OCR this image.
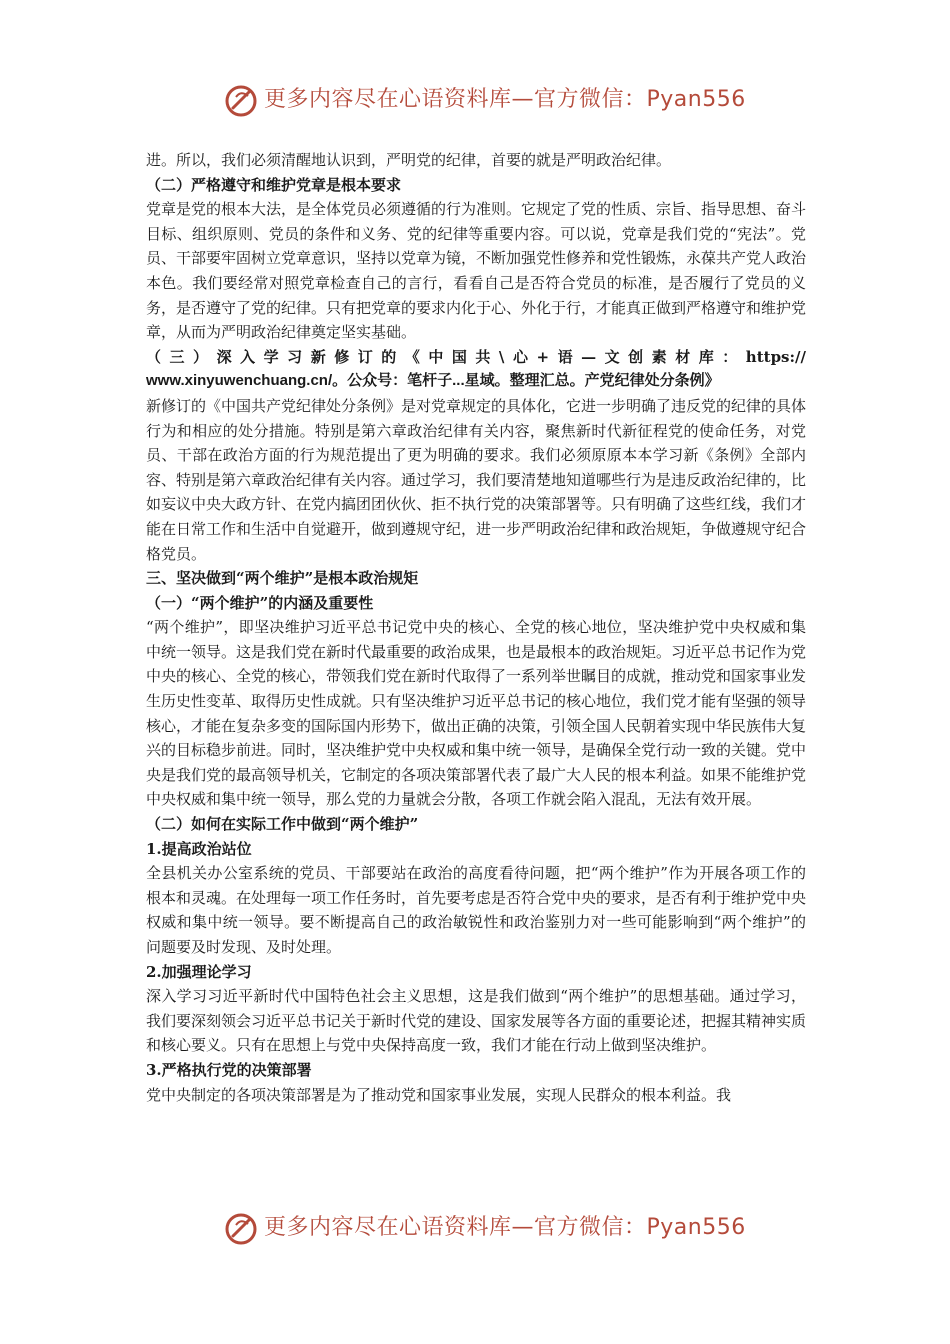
更多内容尽在心语资料库—官方微信：Pyan556

进。所以，我们必须清醒地认识到，严明党的纪律，首要的就是严明政治纪律。

（二）严格遵守和维护党章是根本要求

党章是党的根本大法，是全体党员必须遵循的行为准则。它规定了党的性质、宗旨、指导思想、奋斗目标、组织原则、党员的条件和义务、党的纪律等重要内容。可以说，党章是我们党的“宪法”。党员、干部要牢固树立党章意识，坚持以党章为镜，不断加强党性修养和党性锻炼，永葆共产党人政治本色。我们要经常对照党章检查自己的言行，看看自己是否符合党员的标准，是否履行了党员的义务，是否遵守了党的纪律。只有把党章的要求内化于心、外化于行，才能真正做到严格遵守和维护党章，从而为严明政治纪律奠定坚实基础。

（三）深入学习新修订的《中国共\心+语—文创素材库：https://

www.xinyuwenchuang.cn/。公众号：笔杆子...星域。整理汇总。产党纪律处分条例》

新修订的《中国共产党纪律处分条例》是对党章规定的具体化，它进一步明确了违反党的纪律的具体行为和相应的处分措施。特别是第六章政治纪律有关内容，聚焦新时代新征程党的使命任务，对党员、干部在政治方面的行为规范提出了更为明确的要求。我们必须原原本本学习新《条例》全部内容、特别是第六章政治纪律有关内容。通过学习，我们要清楚地知道哪些行为是违反政治纪律的，比如妄议中央大政方针、在党内搞团团伙伙、拒不执行党的决策部署等。只有明确了这些红线，我们才能在日常工作和生活中自觉避开，做到遵规守纪，进一步严明政治纪律和政治规矩，争做遵规守纪合格党员。

三、坚决做到“两个维护”是根本政治规矩

（一）“两个维护”的内涵及重要性

“两个维护”，即坚决维护习近平总书记党中央的核心、全党的核心地位，坚决维护党中央权威和集中统一领导。这是我们党在新时代最重要的政治成果，也是最根本的政治规矩。习近平总书记作为党中央的核心、全党的核心，带领我们党在新时代取得了一系列举世瞩目的成就，推动党和国家事业发生历史性变革、取得历史性成就。只有坚决维护习近平总书记的核心地位，我们党才能有坚强的领导核心，才能在复杂多变的国际国内形势下，做出正确的决策，引领全国人民朝着实现中华民族伟大复兴的目标稳步前进。同时，坚决维护党中央权威和集中统一领导，是确保全党行动一致的关键。党中央是我们党的最高领导机关，它制定的各项决策部署代表了最广大人民的根本利益。如果不能维护党中央权威和集中统一领导，那么党的力量就会分散，各项工作就会陷入混乱，无法有效开展。

（二）如何在实际工作中做到“两个维护”

1.提高政治站位

全县机关办公室系统的党员、干部要站在政治的高度看待问题，把“两个维护”作为开展各项工作的根本和灵魂。在处理每一项工作任务时，首先要考虑是否符合党中央的要求，是否有利于维护党中央权威和集中统一领导。要不断提高自己的政治敏锐性和政治鉴别力对一些可能影响到“两个维护”的问题要及时发现、及时处理。

2.加强理论学习

深入学习习近平新时代中国特色社会主义思想，这是我们做到“两个维护”的思想基础。通过学习，我们要深刻领会习近平总书记关于新时代党的建设、国家发展等各方面的重要论述，把握其精神实质和核心要义。只有在思想上与党中央保持高度一致，我们才能在行动上做到坚决维护。

3.严格执行党的决策部署

党中央制定的各项决策部署是为了推动党和国家事业发展，实现人民群众的根本利益。我

更多内容尽在心语资料库—官方微信：Pyan556
